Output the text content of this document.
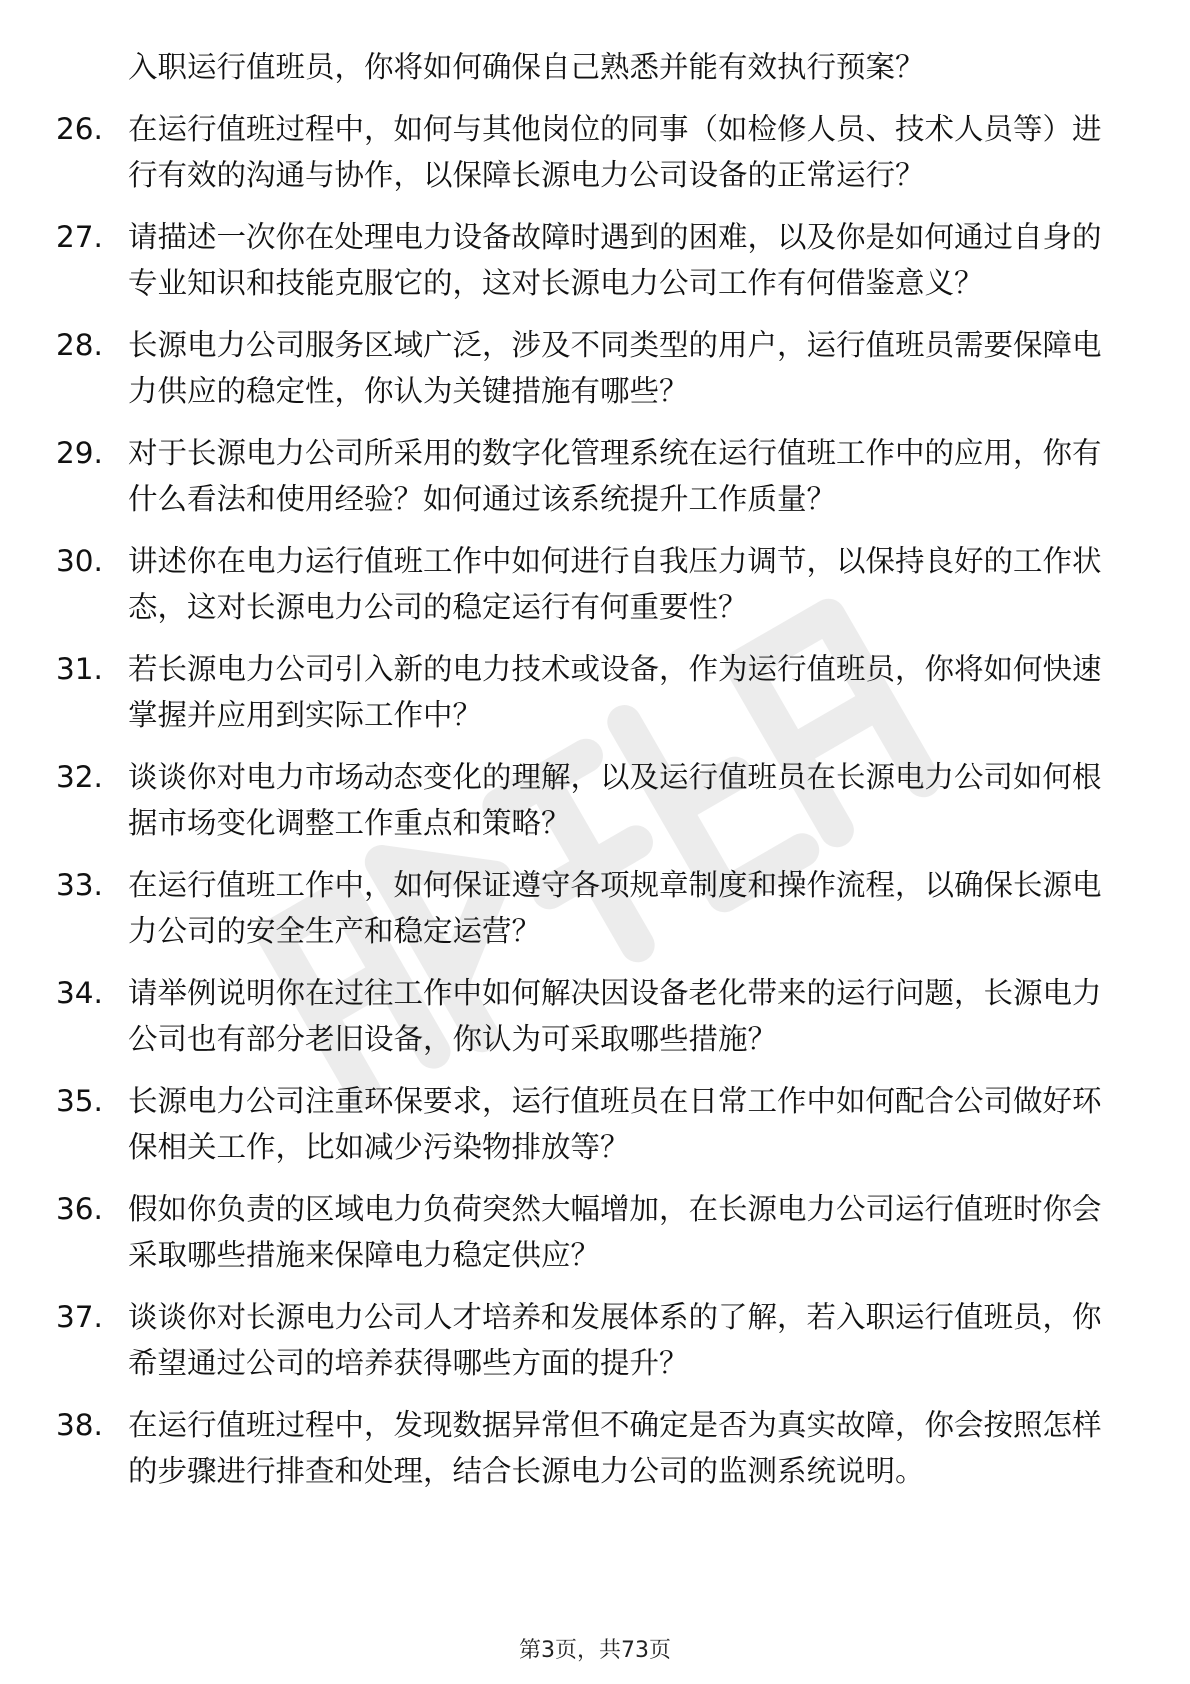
入职运行值班员，你将如何确保自己熟悉并能有效执行预案？

26. 在运行值班过程中，如何与其他岗位的同事（如检修人员、技术人员等）进行有效的沟通与协作，以保障长源电力公司设备的正常运行？

27. 请描述一次你在处理电力设备故障时遇到的困难，以及你是如何通过自身的专业知识和技能克服它的，这对长源电力公司工作有何借鉴意义？

28. 长源电力公司服务区域广泛，涉及不同类型的用户，运行值班员需要保障电力供应的稳定性，你认为关键措施有哪些？

29. 对于长源电力公司所采用的数字化管理系统在运行值班工作中的应用，你有什么看法和使用经验？如何通过该系统提升工作质量？

30. 讲述你在电力运行值班工作中如何进行自我压力调节，以保持良好的工作状态，这对长源电力公司的稳定运行有何重要性？

31. 若长源电力公司引入新的电力技术或设备，作为运行值班员，你将如何快速掌握并应用到实际工作中？

32. 谈谈你对电力市场动态变化的理解，以及运行值班员在长源电力公司如何根据市场变化调整工作重点和策略？

33. 在运行值班工作中，如何保证遵守各项规章制度和操作流程，以确保长源电力公司的安全生产和稳定运营？

34. 请举例说明你在过往工作中如何解决因设备老化带来的运行问题，长源电力公司也有部分老旧设备，你认为可采取哪些措施？

35. 长源电力公司注重环保要求，运行值班员在日常工作中如何配合公司做好环保相关工作，比如减少污染物排放等？

36. 假如你负责的区域电力负荷突然大幅增加，在长源电力公司运行值班时你会采取哪些措施来保障电力稳定供应？

37. 谈谈你对长源电力公司人才培养和发展体系的了解，若入职运行值班员，你希望通过公司的培养获得哪些方面的提升？

38. 在运行值班过程中，发现数据异常但不确定是否为真实故障，你会按照怎样的步骤进行排查和处理，结合长源电力公司的监测系统说明。

第3页，共73页
